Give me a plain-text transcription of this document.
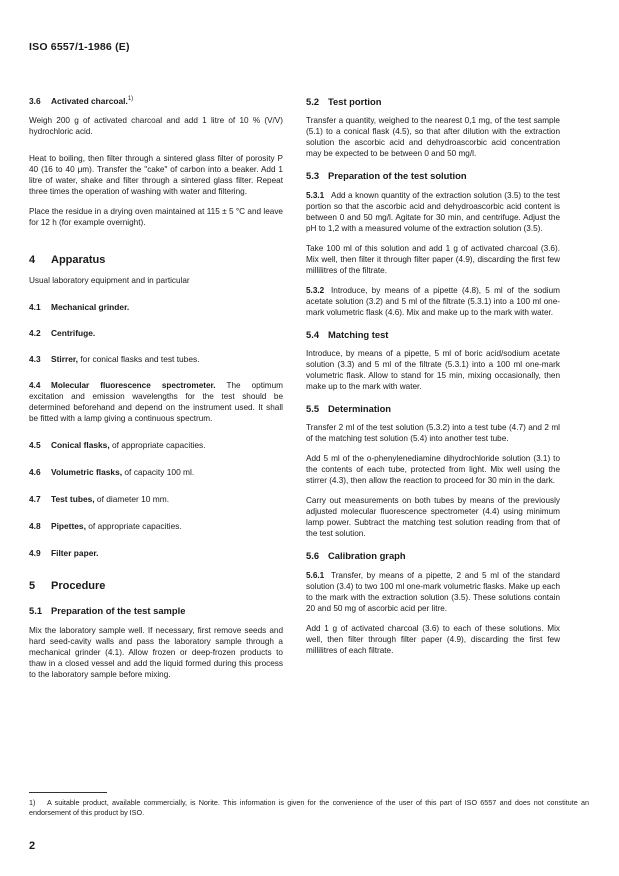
ISO 6557/1-1986 (E)

3.6 Activated charcoal.$^{1)}$

Weigh 200 g of activated charcoal and add 1 litre of 10 % (V/V) hydrochloric acid.

Heat to boiling, then filter through a sintered glass filter of porosity P 40 (16 to 40 μm). Transfer the "cake" of carbon into a beaker. Add 1 litre of water, shake and filter through a sintered glass filter. Repeat three times the operation of washing with water and filtering.

Place the residue in a drying oven maintained at 115 ± 5 °C and leave for 12 h (for example overnight).

4 Apparatus

Usual laboratory equipment and in particular

4.1 Mechanical grinder.

4.2 Centrifuge.

4.3 Stirrer, for conical flasks and test tubes.

4.4 Molecular fluorescence spectrometer. The optimum excitation and emission wavelengths for the test should be determined beforehand and depend on the instrument used. It shall be fitted with a lamp giving a continuous spectrum.

4.5 Conical flasks, of appropriate capacities.

4.6 Volumetric flasks, of capacity 100 ml.

4.7 Test tubes, of diameter 10 mm.

4.8 Pipettes, of appropriate capacities.

4.9 Filter paper.

5 Procedure

5.1 Preparation of the test sample

Mix the laboratory sample well. If necessary, first remove seeds and hard seed-cavity walls and pass the laboratory sample through a mechanical grinder (4.1). Allow frozen or deep-frozen products to thaw in a closed vessel and add the liquid formed during this process to the laboratory sample before mixing.

5.2 Test portion

Transfer a quantity, weighed to the nearest 0,1 mg, of the test sample (5.1) to a conical flask (4.5), so that after dilution with the extraction solution the ascorbic acid and dehydroascorbic acid concentration may be expected to be between 0 and 50 mg/l.

5.3 Preparation of the test solution

5.3.1 Add a known quantity of the extraction solution (3.5) to the test portion so that the ascorbic acid and dehydroascorbic acid content is between 0 and 50 mg/l. Agitate for 30 min, and centrifuge. Adjust the pH to 1,2 with a measured volume of the extraction solution (3.5).

Take 100 ml of this solution and add 1 g of activated charcoal (3.6). Mix well, then filter it through filter paper (4.9), discarding the first few millilitres of the filtrate.

5.3.2 Introduce, by means of a pipette (4.8), 5 ml of the sodium acetate solution (3.2) and 5 ml of the filtrate (5.3.1) into a 100 ml one-mark volumetric flask (4.6). Mix and make up to the mark with water.

5.4 Matching test

Introduce, by means of a pipette, 5 ml of boric acid/sodium acetate solution (3.3) and 5 ml of the filtrate (5.3.1) into a 100 ml one-mark volumetric flask. Allow to stand for 15 min, mixing occasionally, then make up to the mark with water.

5.5 Determination

Transfer 2 ml of the test solution (5.3.2) into a test tube (4.7) and 2 ml of the matching test solution (5.4) into another test tube.

Add 5 ml of the o-phenylenediamine dihydrochloride solution (3.1) to the contents of each tube, protected from light. Mix well using the stirrer (4.3), then allow the reaction to proceed for 30 min in the dark.

Carry out measurements on both tubes by means of the previously adjusted molecular fluorescence spectrometer (4.4) using minimum lamp power. Subtract the matching test solution reading from that of the test solution.

5.6 Calibration graph

5.6.1 Transfer, by means of a pipette, 2 and 5 ml of the standard solution (3.4) to two 100 ml one-mark volumetric flasks. Make up each to the mark with the extraction solution (3.5). These solutions contain 20 and 50 mg of ascorbic acid per litre.

Add 1 g of activated charcoal (3.6) to each of these solutions. Mix well, then filter through filter paper (4.9), discarding the first few millilitres of each filtrate.

1) A suitable product, available commercially, is Norite. This information is given for the convenience of the user of this part of ISO 6557 and does not constitute an endorsement of this product by ISO.
2
